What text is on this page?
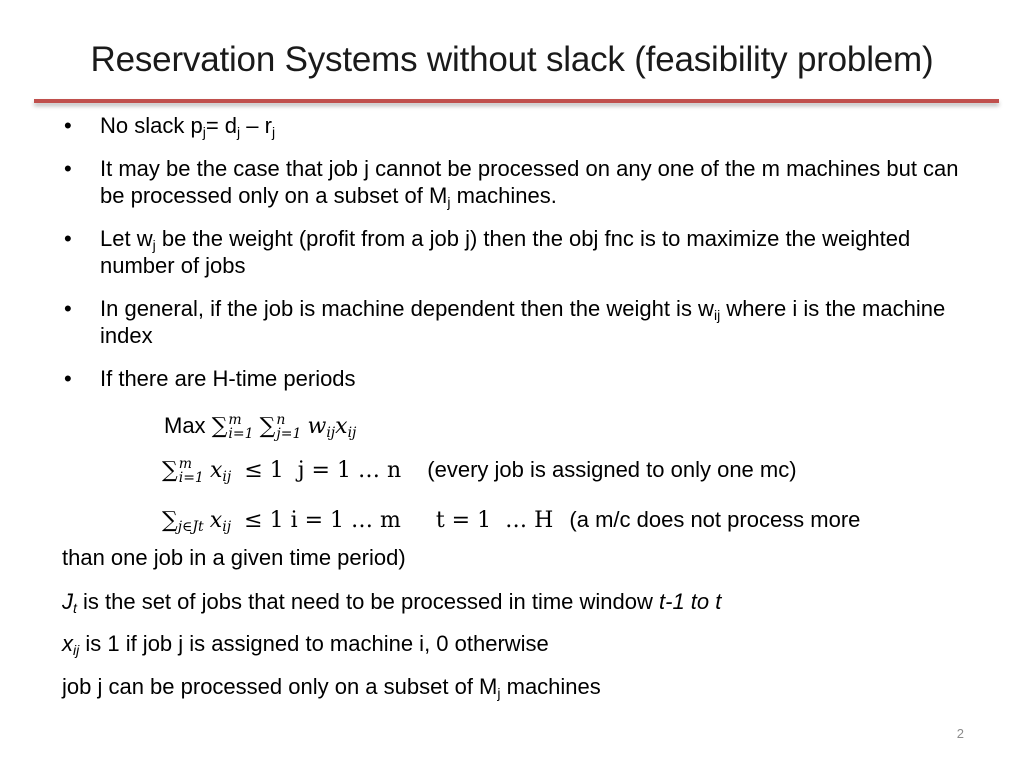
Reservation Systems without slack (feasibility problem)
• No slack $p_j= d_j - r_j$
• It may be the case that job j cannot be processed on any one of the m machines but can be processed only on a subset of $M_j$ machines.
• Let $w_j$ be the weight (profit from a job j) then the obj fnc is to maximize the weighted number of jobs
• In general, if the job is machine dependent then the weight is $w_{ij}$ where i is the machine index
• If there are H-time periods
Max ∑ m
i=1 ∑ n
j=1 $w_{ij}x_{ij}$
∑ m
i=1 $x_{ij} \le 1$  j = 1 … n (every job is assigned to only one mc)
$\sum_{j\in Jt}$ $x_{ij} \le 1$ i = 1 … m     t = 1  … H (a m/c does not process more
than one job in a given time period)
$J_t$ is the set of jobs that need to be processed in time window t-1 to t
$x_{ij}$ is 1 if job j is assigned to machine i, 0 otherwise
job j can be processed only on a subset of $M_j$ machines
2
